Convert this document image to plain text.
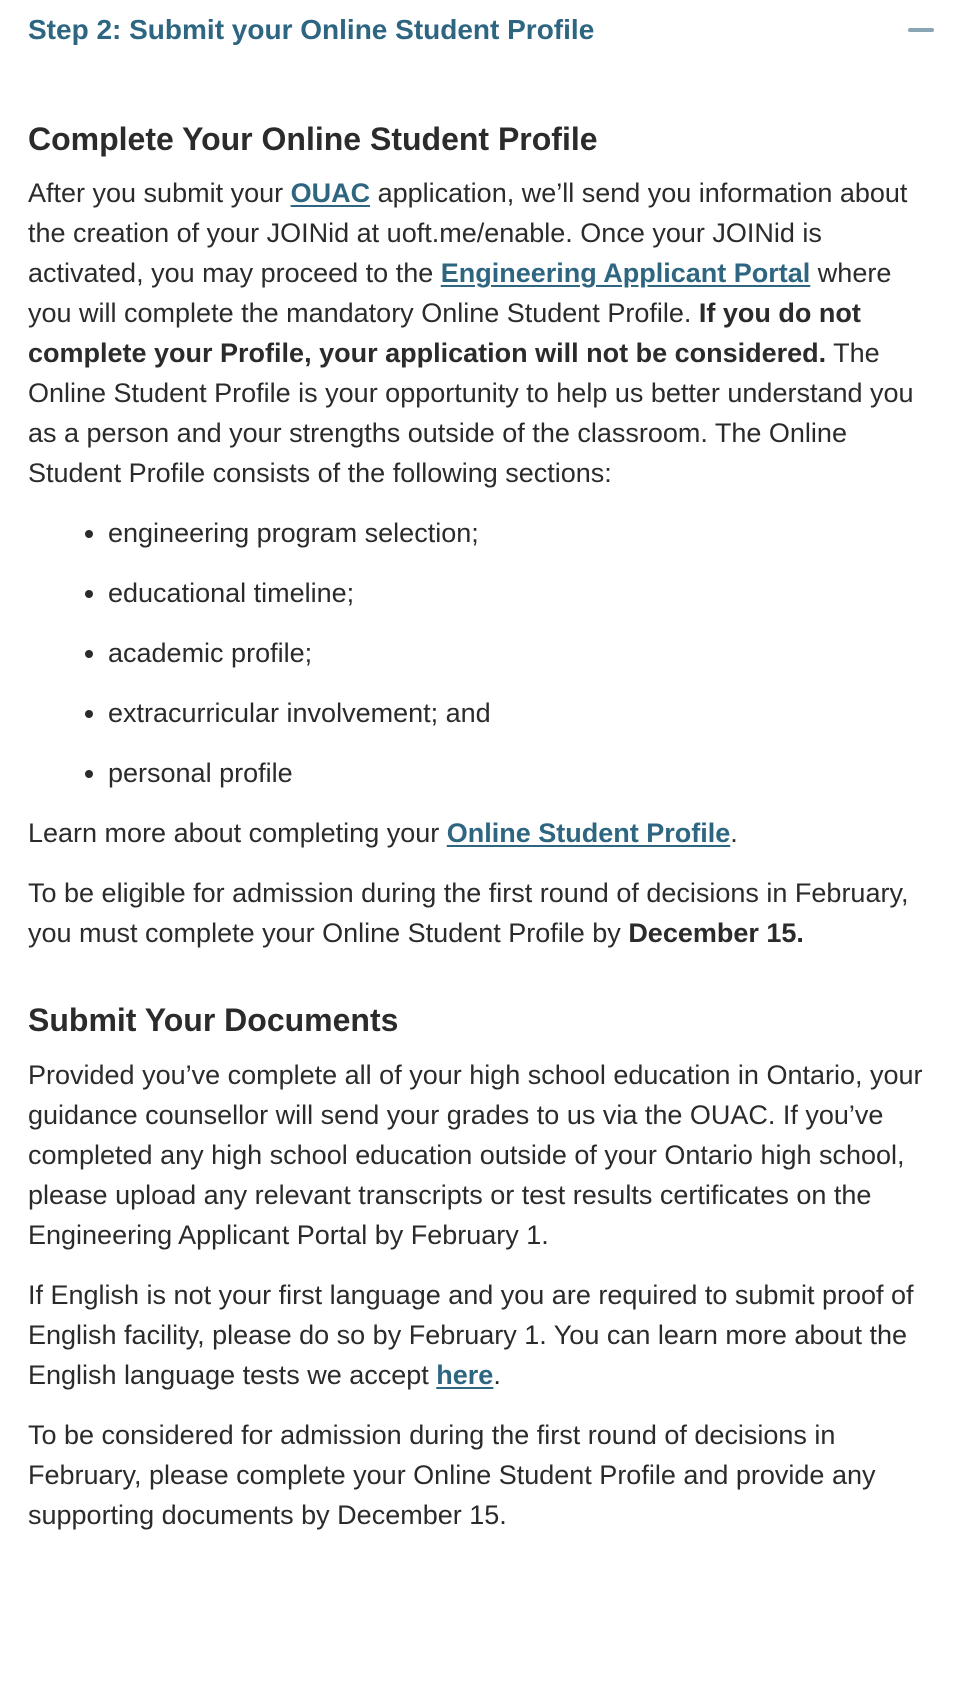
Step 2: Submit your Online Student Profile
Complete Your Online Student Profile

After you submit your OUAC application, we’ll send you information about the creation of your JOINid at uoft.me/enable. Once your JOINid is activated, you may proceed to the Engineering Applicant Portal where you will complete the mandatory Online Student Profile. If you do not complete your Profile, your application will not be considered. The Online Student Profile is your opportunity to help us better understand you as a person and your strengths outside of the classroom. The Online Student Profile consists of the following sections:

• engineering program selection;
• educational timeline;
• academic profile;
• extracurricular involvement; and
• personal profile

Learn more about completing your Online Student Profile.

To be eligible for admission during the first round of decisions in February, you must complete your Online Student Profile by December 15.

Submit Your Documents

Provided you’ve complete all of your high school education in Ontario, your guidance counsellor will send your grades to us via the OUAC. If you’ve completed any high school education outside of your Ontario high school, please upload any relevant transcripts or test results certificates on the Engineering Applicant Portal by February 1.

If English is not your first language and you are required to submit proof of English facility, please do so by February 1. You can learn more about the English language tests we accept here.

To be considered for admission during the first round of decisions in February, please complete your Online Student Profile and provide any supporting documents by December 15.
